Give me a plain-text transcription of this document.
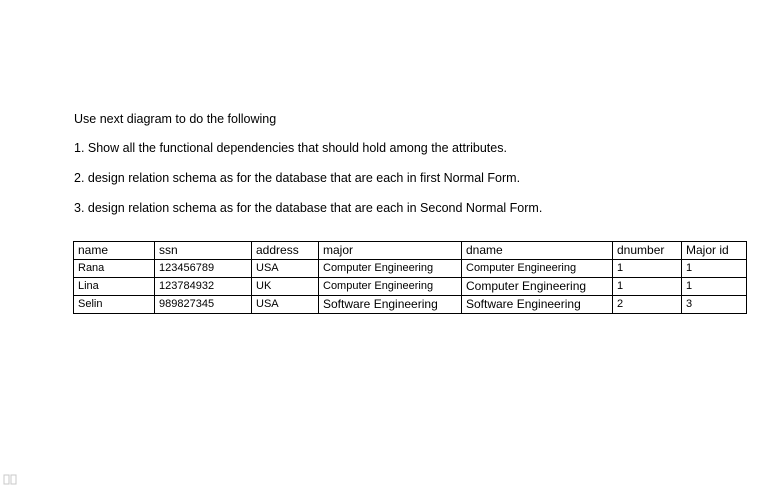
Use next diagram to do the following
1. Show all the functional dependencies that should hold among the attributes.
2. design relation schema as for the database that are each in first Normal Form.
3. design relation schema as for the database that are each in Second Normal Form.
name	ssn	address	major	dname	dnumber	Major id
Rana	123456789	USA	Computer Engineering	Computer Engineering	1	1
Lina	123784932	UK	Computer Engineering	Computer Engineering	1	1
Selin	989827345	USA	Software Engineering	Software Engineering	2	3
